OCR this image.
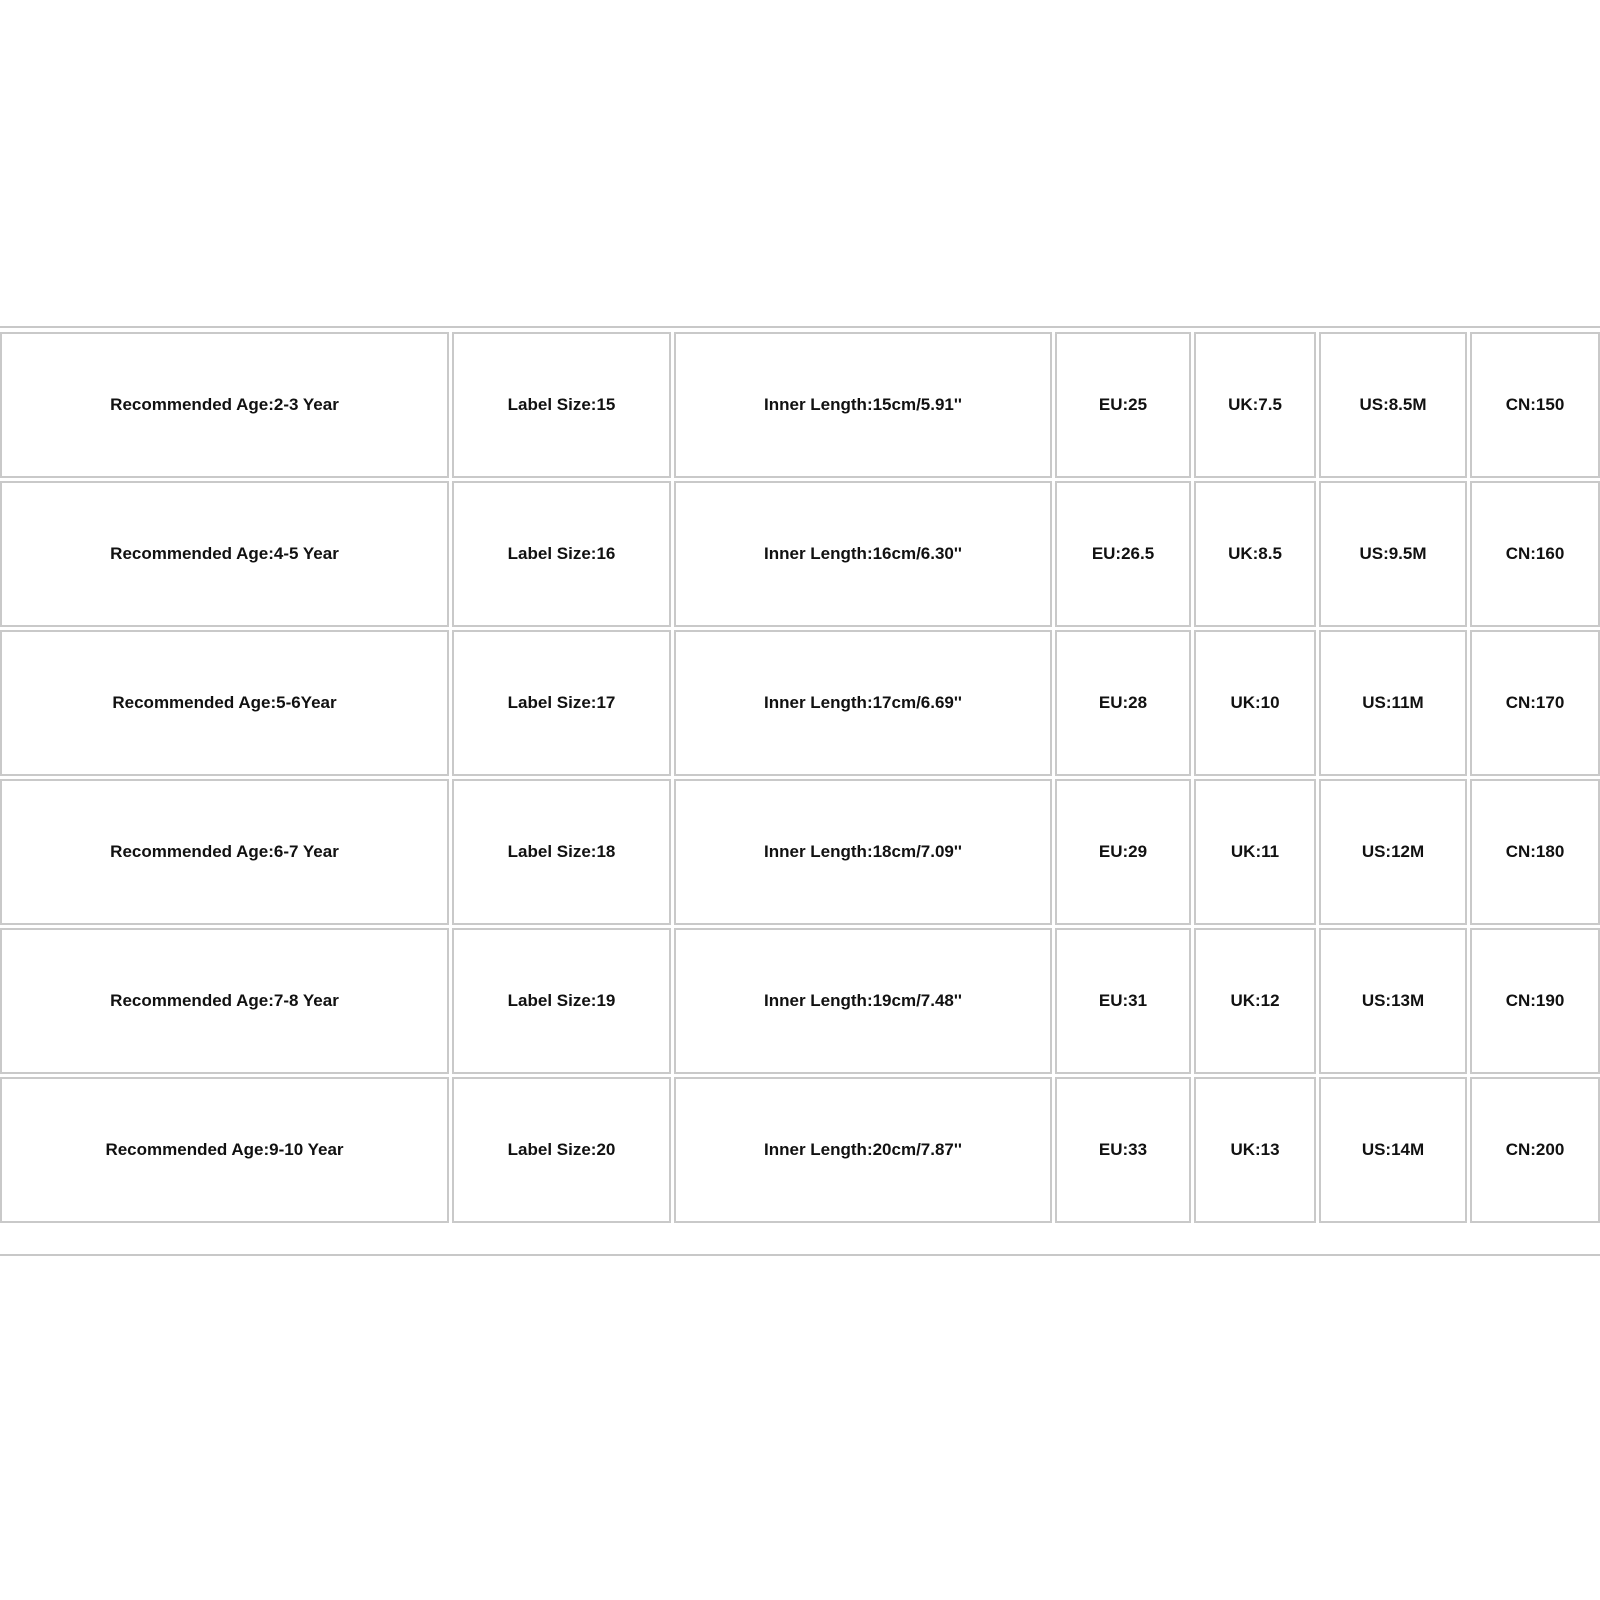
Recommended Age:2-3 Year	Label Size:15	Inner Length:15cm/5.91''	EU:25	UK:7.5	US:8.5M	CN:150
Recommended Age:4-5 Year	Label Size:16	Inner Length:16cm/6.30''	EU:26.5	UK:8.5	US:9.5M	CN:160
Recommended Age:5-6Year	Label Size:17	Inner Length:17cm/6.69''	EU:28	UK:10	US:11M	CN:170
Recommended Age:6-7 Year	Label Size:18	Inner Length:18cm/7.09''	EU:29	UK:11	US:12M	CN:180
Recommended Age:7-8 Year	Label Size:19	Inner Length:19cm/7.48''	EU:31	UK:12	US:13M	CN:190
Recommended Age:9-10 Year	Label Size:20	Inner Length:20cm/7.87''	EU:33	UK:13	US:14M	CN:200
